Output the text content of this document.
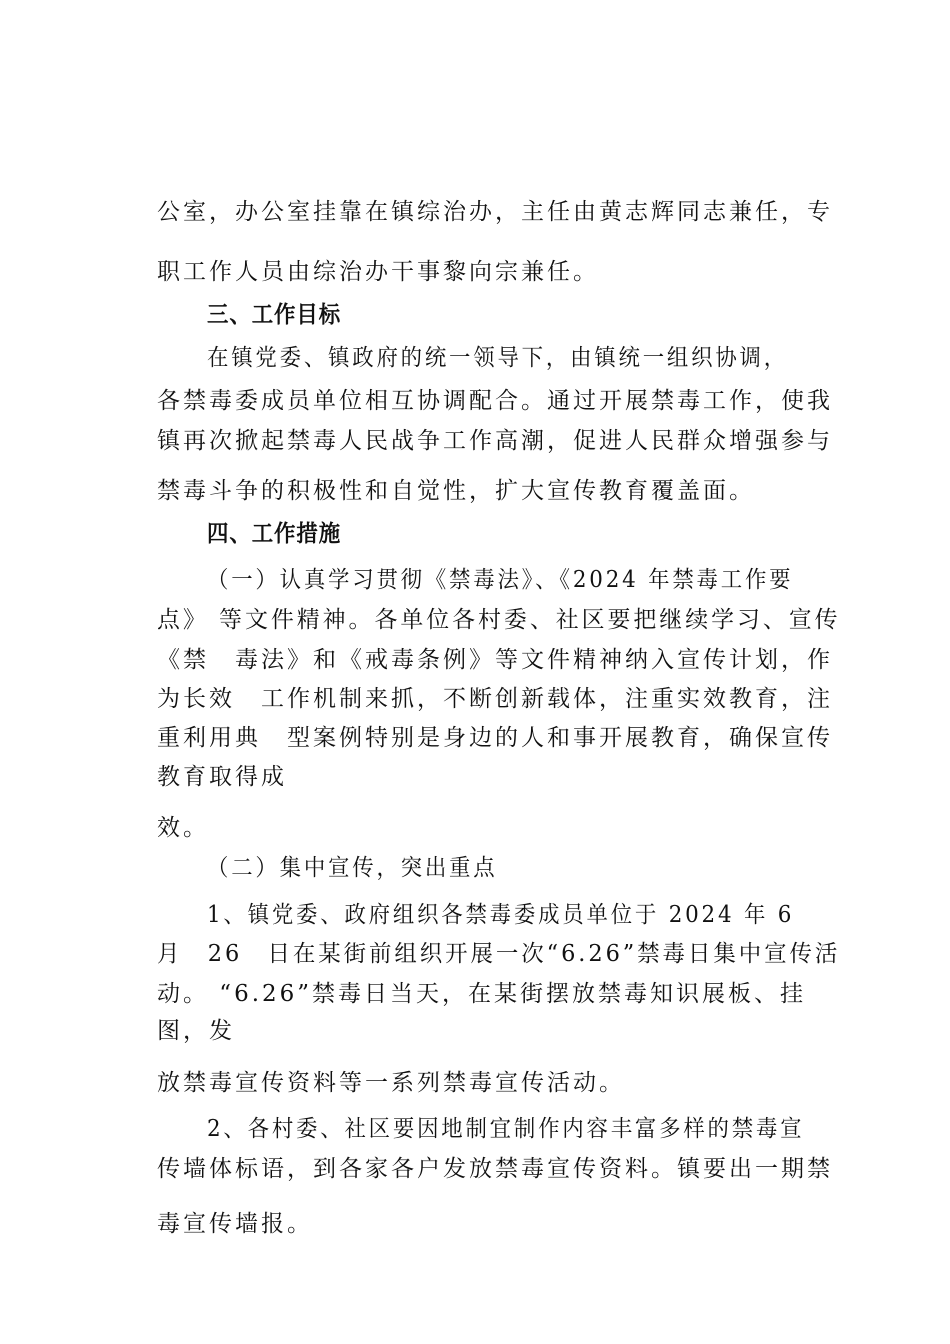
公室，办公室挂靠在镇综治办，主任由黄志辉同志兼任，专
职工作人员由综治办干事黎向宗兼任。
三、工作目标
在镇党委、镇政府的统一领导下，由镇统一组织协调，
各禁毒委成员单位相互协调配合。通过开展禁毒工作，使我
镇再次掀起禁毒人民战争工作高潮，促进人民群众增强参与
禁毒斗争的积极性和自觉性，扩大宣传教育覆盖面。
四、工作措施
（一）认真学习贯彻《禁毒法》、《2024 年禁毒工作要
点》 等文件精神。各单位各村委、社区要把继续学习、宣传
《禁　毒法》和《戒毒条例》等文件精神纳入宣传计划，作
为长效　工作机制来抓，不断创新载体，注重实效教育，注
重利用典　型案例特别是身边的人和事开展教育，确保宣传
教育取得成
效。
（二）集中宣传，突出重点
1、镇党委、政府组织各禁毒委成员单位于 2024 年 6
月　26　日在某街前组织开展一次“6.26”禁毒日集中宣传活
动。 “6.26”禁毒日当天，在某街摆放禁毒知识展板、挂
图，发
放禁毒宣传资料等一系列禁毒宣传活动。
2、各村委、社区要因地制宜制作内容丰富多样的禁毒宣
传墙体标语，到各家各户发放禁毒宣传资料。镇要出一期禁
毒宣传墙报。
